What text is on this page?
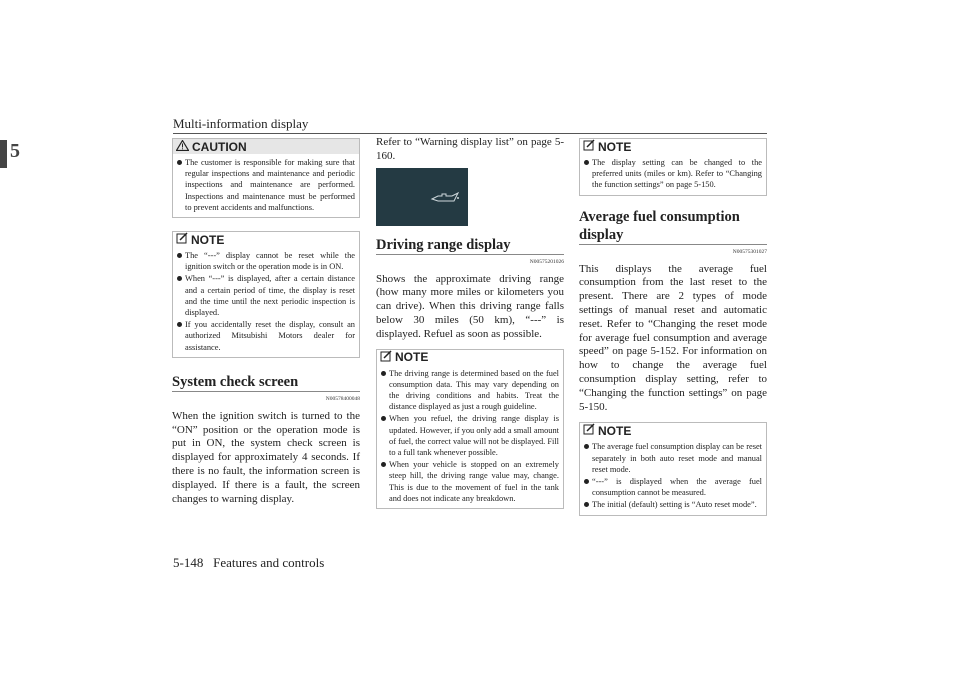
Multi-information display
5	CAUTION

The customer is responsible for making sure that regular inspections and maintenance and periodic inspections and maintenance are performed. Inspections and maintenance must be performed to prevent accidents and malfunctions.

NOTE

The “---” display cannot be reset while the ignition switch or the operation mode is in ON.

When “---” is displayed, after a certain distance and a certain period of time, the display is reset and the time until the next periodic inspection is displayed.

If you accidentally reset the display, consult an authorized Mitsubishi Motors dealer for assistance.

System check screen
N00578400048

When the ignition switch is turned to the “ON” position or the operation mode is put in ON, the system check screen is displayed for approximately 4 seconds. If there is no fault, the information screen is displayed. If there is a fault, the screen changes to warning display.

Refer to “Warning display list” on page 5-160.

Driving range display
N00575201026

Shows the approximate driving range (how many more miles or kilometers you can drive). When this driving range falls below 30 miles (50 km), “---” is displayed. Refuel as soon as possible.

NOTE

The driving range is determined based on the fuel consumption data. This may vary depending on the driving conditions and habits. Treat the distance displayed as just a rough guideline.

When you refuel, the driving range display is updated. However, if you only add a small amount of fuel, the correct value will not be displayed. Fill to a full tank whenever possible.

When your vehicle is stopped on an extremely steep hill, the driving range value may, change. This is due to the movement of fuel in the tank and does not indicate any breakdown.

NOTE

The display setting can be changed to the preferred units (miles or km). Refer to “Changing the function settings” on page 5-150.

Average fuel consumption display
N00575301027

This displays the average fuel consumption from the last reset to the present. There are 2 types of mode settings of manual reset and automatic reset. Refer to “Changing the reset mode for average fuel consumption and average speed” on page 5-152. For information on how to change the average fuel consumption display setting, refer to “Changing the function settings” on page 5-150.

NOTE

The average fuel consumption display can be reset separately in both auto reset mode and manual reset mode.

“---” is displayed when the average fuel consumption cannot be measured.

The initial (default) setting is “Auto reset mode”.

5-148 Features and controls
